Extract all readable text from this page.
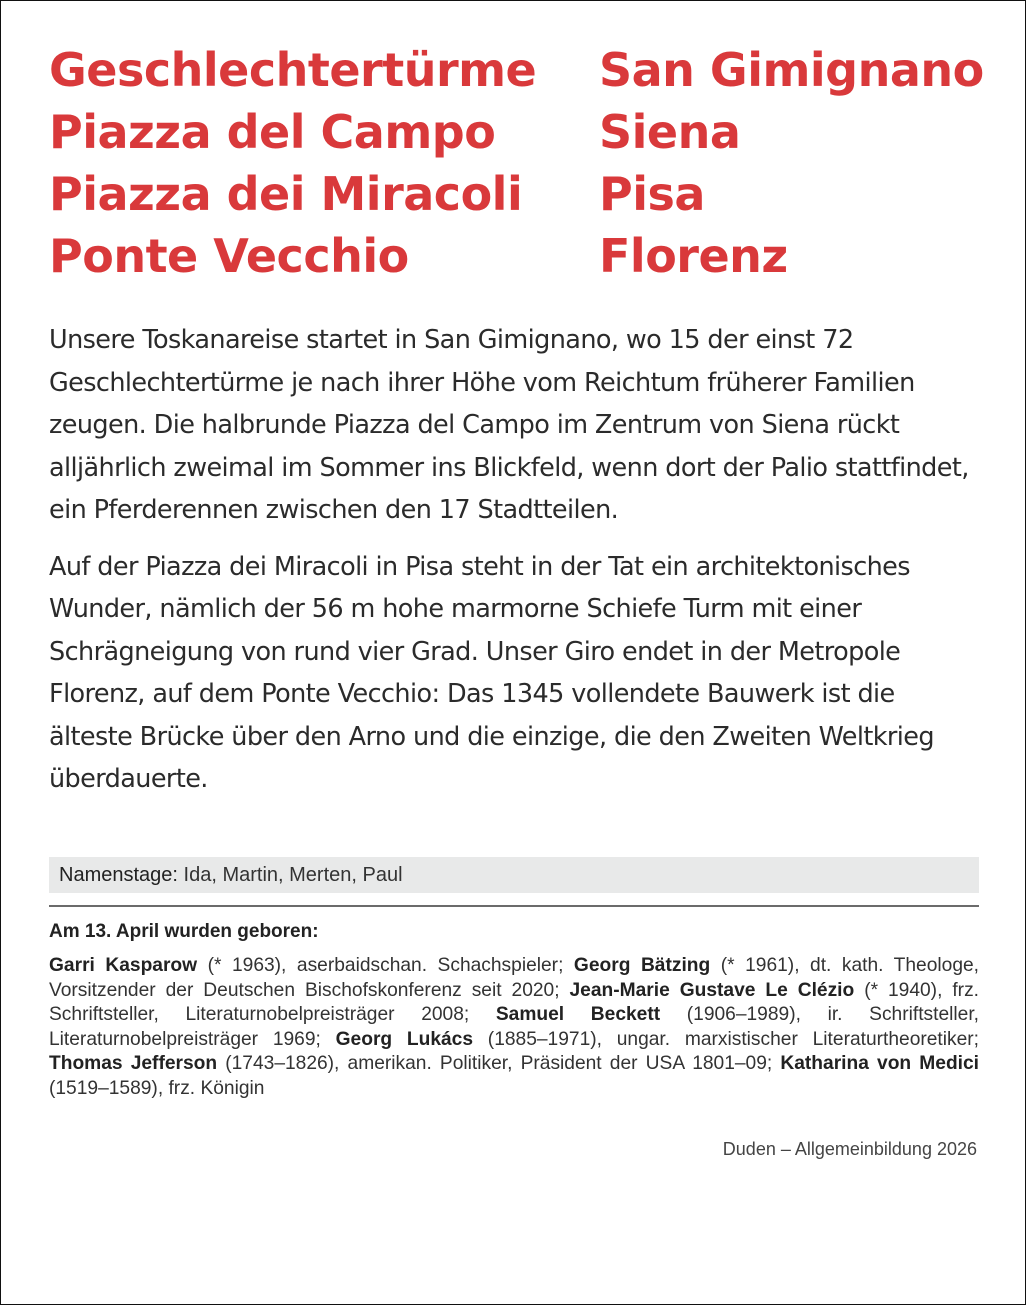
Geschlechtertürme
Piazza del Campo
Piazza dei Miracoli
Ponte Vecchio
San Gimignano
Siena
Pisa
Florenz

Unsere Toskanareise startet in San Gimignano, wo 15 der einst 72 Geschlechtertürme je nach ihrer Höhe vom Reichtum früherer Familien zeugen. Die halbrunde Piazza del Campo im Zentrum von Siena rückt alljährlich zweimal im Sommer ins Blickfeld, wenn dort der Palio stattfindet, ein Pferderennen zwischen den 17 Stadtteilen.

Auf der Piazza dei Miracoli in Pisa steht in der Tat ein architektonisches Wunder, nämlich der 56 m hohe marmorne Schiefe Turm mit einer Schrägneigung von rund vier Grad. Unser Giro endet in der Metropole Florenz, auf dem Ponte Vecchio: Das 1345 vollendete Bauwerk ist die älteste Brücke über den Arno und die einzige, die den Zweiten Weltkrieg überdauerte.

Namenstage: Ida, Martin, Merten, Paul
Am 13. April wurden geboren:
Garri Kasparow (* 1963), aserbaidschan. Schachspieler; Georg Bätzing (* 1961), dt. kath. Theologe, Vorsitzender der Deutschen Bischofskonferenz seit 2020; Jean-Marie Gustave Le Clézio (* 1940), frz. Schriftsteller, Literaturnobelpreisträger 2008; Samuel Beckett (1906–1989), ir. Schriftsteller, Literaturnobelpreisträger 1969; Georg Lukács (1885–1971), ungar. marxistischer Literaturtheoretiker; Thomas Jefferson (1743–1826), amerikan. Politiker, Präsident der USA 1801–09; Katharina von Medici (1519–1589), frz. Königin
Duden – Allgemeinbildung 2026
